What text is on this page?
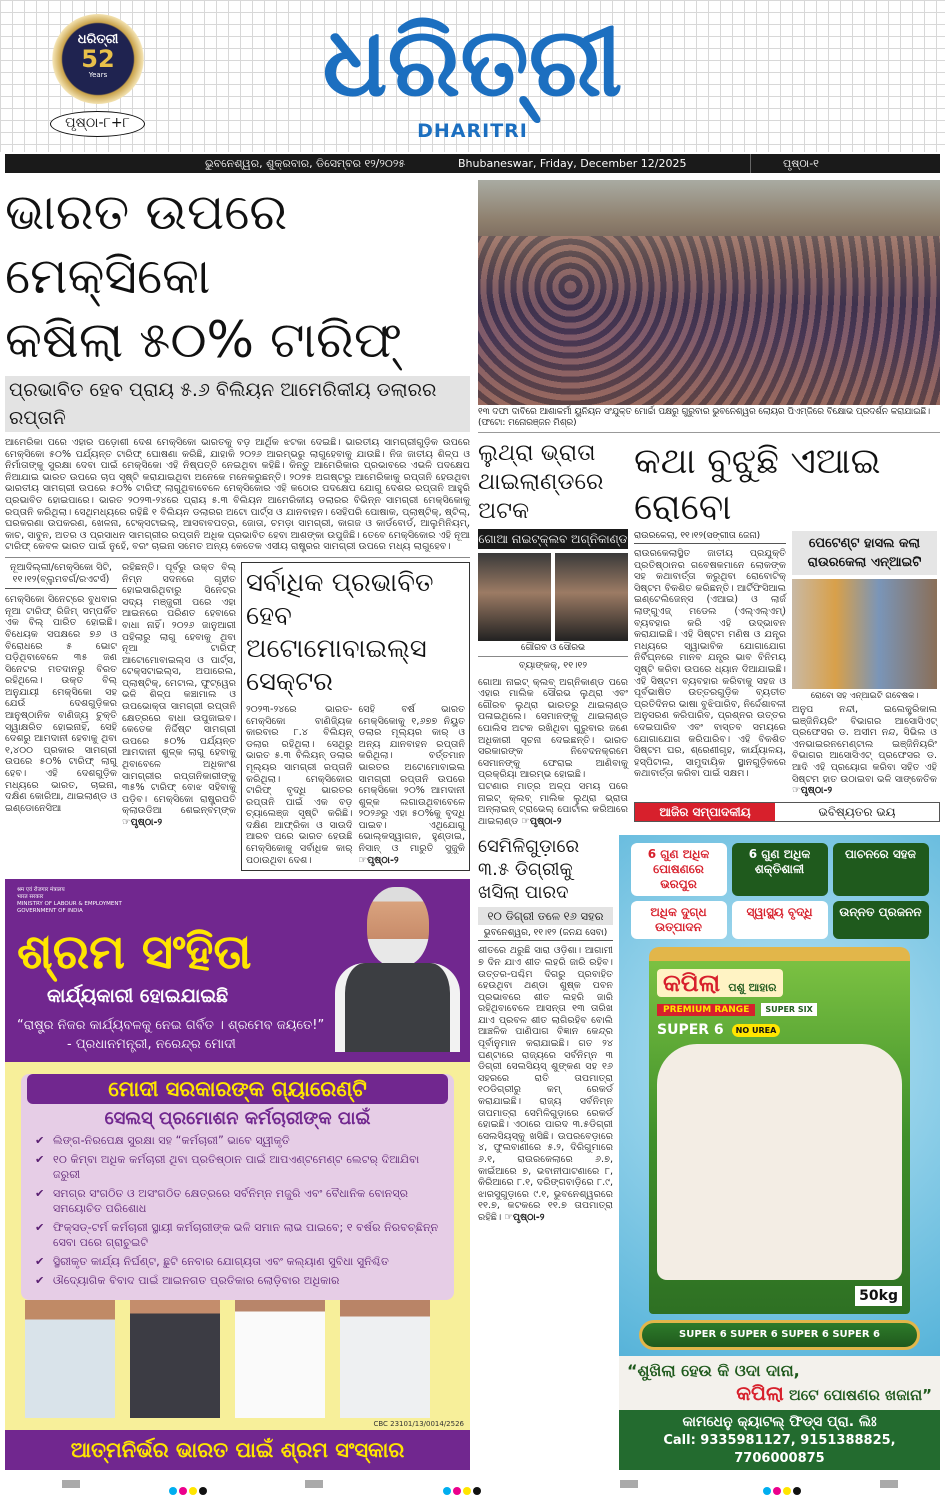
ଧରିତ୍ରୀ
52
Years
ପୃଷ୍ଠା-୮+୮
ଧରିତ୍ରୀ
DHARITRI
ଭୁବନେଶ୍ୱର, ଶୁକ୍ରବାର, ଡିସେମ୍ବର ୧୨/୨୦୨୫	Bhubaneswar, Friday, December 12/2025	ପୃଷ୍ଠା-୧
ଭାରତ ଉପରେ ମେକ୍ସିକୋ
କଷିଲା ୫୦% ଟାରିଫ୍
ପ୍ରଭାବିତ ହେବ ପ୍ରାୟ ୫.୬ ବିଲିୟନ ଆମେରିକୀୟ ଡଲାରର ରପ୍ତାନି

ଆମେରିକା ପରେ ଏହାର ପଡ଼ୋଶୀ ଦେଶ ମେକ୍ସିକୋ ଭାରତକୁ ବଡ଼ ଆର୍ଥିକ ଝଟକା ଦେଇଛି। ଭାରତୀୟ ସାମଗ୍ରୀଗୁଡ଼ିକ ଉପରେ ମେକ୍ସିକୋ ୫୦% ପର୍ଯ୍ୟନ୍ତ ଟାରିଫ୍ ଘୋଷଣା କରିଛି, ଯାହାକି ୨୦୨୬ ଆରମ୍ଭରୁ ଲାଗୁହେବାକୁ ଯାଉଛି। ନିଜ ଜାତୀୟ ଶିଳ୍ପ ଓ ନିର୍ମାତାଙ୍କୁ ସୁରକ୍ଷା ଦେବା ପାଇଁ ମେକ୍ସିକୋ ଏହି ନିଷ୍ପତ୍ତି ନେଇଥିବା କହିଛି। କିନ୍ତୁ ଆମେରିକାର ପ୍ରଭାବରେ ଏଭଳି ପଦକ୍ଷେପ ନିଆଯାଇ ଭାରତ ଉପରେ ଚାପ ସୃଷ୍ଟି କରାଯାଇଥିବା ଅନେକେ ମନେକରୁଛନ୍ତି। ୨୦୨୫ ଅଗଷ୍ଟରୁ ଆମେରିକାକୁ ରପ୍ତାନି ହେଉଥିବା ଭାରତୀୟ ସାମଗ୍ରୀ ଉପରେ ୫୦% ଟାରିଫ୍ ଲାଗୁଥିବାବେଳେ ମେକ୍ସିକୋର ଏହି କଠୋର ପଦକ୍ଷେପ ଯୋଗୁ ଦେଶର ରପ୍ତାନି ଆହୁରି ପ୍ରଭାବିତ ହୋଇପାରେ। ଭାରତ ୨୦୨୩-୨୪ରେ ପ୍ରାୟ ୫.୩ ବିଲିୟନ ଆମେରିକୀୟ ଡଲାରର ବିଭିନ୍ନ ସାମଗ୍ରୀ ମେକ୍ସିକୋକୁ ରପ୍ତାନି କରିଥିଲା। ସେଥିମଧ୍ୟରେ ରହିଛି ୧ ବିଲିୟନ ଡଲାରର ଅଟୋ ପାର୍ଟ୍ସ ଓ ଯାନବାହନ। ସେହିପରି ପୋଷାକ, ପ୍ଲାଷ୍ଟିକ୍, ଷ୍ଟିଲ୍, ଘରକରଣା ଉପକରଣ, ଖେଳନା, ଟେକ୍ସଟାଇଲ୍, ଆସବାବପତ୍ର, ଜୋତା, ଚମଡ଼ା ସାମଗ୍ରୀ, କାଗଜ ଓ କାର୍ଡବୋର୍ଡ, ଆଲୁମିନିୟମ୍, କାଚ, ସାବୁନ, ଅତର ଓ ପ୍ରସାଧନ ସାମଗ୍ରୀର ରପ୍ତାନି ଅଧିକ ପ୍ରଭାବିତ ହେବା ଆଶଙ୍କା ଉପୁଜିଛି। ତେବେ ମେକ୍ସିକୋର ଏହି ନୂଆ ଟାରିଫ୍ କେବଳ ଭାରତ ପାଇଁ ନୁହେଁ, ବରଂ ଚାଇନା ସମେତ ଅନ୍ୟ କେତେକ ଏସୀୟ ରାଷ୍ଟ୍ରର ସାମଗ୍ରୀ ଉପରେ ମଧ୍ୟ ଲାଗୁହେବ।

ନୂଆଦିଲ୍ଲୀ/ମେକ୍ସିକୋ ସିଟି, ୧୧।୧୨(ବ୍ଲୁମବର୍ଗ/ରଏଟର୍ସ)

ମେକ୍ସିକୋ ସିନେଟ୍‌ରେ ବୁଧବାର ନୂଆ ଟାରିଫ୍ ରିଜିମ୍ ସମ୍ପର୍କିତ ଏକ ବିଲ୍ ପାରିତ ହୋଇଛି। ବିଧେୟକ ସପକ୍ଷରେ ୭୬ ଓ ବିରୋଧରେ ୫ ଭୋଟ ପଡ଼ିଥିବାବେଳେ ୩୫ ଜଣ ସିନେଟର ମତଦାନରୁ ବିରତ ରହିଥିଲେ। ଉକ୍ତ ବିଲ୍ ଅନୁଯାୟୀ ମେକ୍ସିକୋ ସହ ଯେଉଁ ଦେଶଗୁଡ଼ିକର ଆନୁଷ୍ଠାନିକ ବାଣିଜ୍ୟ ଚୁକ୍ତି ସ୍ୱାକ୍ଷରିତ ହୋଇନାହିଁ, ସେହି ଦେଶରୁ ଆମଦାନୀ ହେବାକୁ ଥିବା ୧,୪୦୦ ପ୍ରକାର ସାମଗ୍ରୀ ଉପରେ ୫୦% ଟାରିଫ୍ ଲାଗୁ ହେବ। ଏହି ଦେଶଗୁଡ଼ିକ ମଧ୍ୟରେ ଭାରତ, ଚାଇନା, ଦକ୍ଷିଣ କୋରିଆ, ଥାଇଲାଣ୍ଡ ଓ ଇଣ୍ଡୋନେସିଆ

ରହିଛନ୍ତି। ପୂର୍ବରୁ ଉକ୍ତ ବିଲ୍ ନିମ୍ନ ସଦନରେ ଗୃହୀତ ହୋଇସାରିଥିବାରୁ ସିନେଟ୍‌ର ସଦ୍ୟ ମଞ୍ଜୁରୀ ପରେ ଏହା ଆଇନରେ ପରିଣତ ହେବାରେ ବାଧା ନାହିଁ। ୨୦୨୬ ଜାନୁଆରୀ ପହିଲାରୁ ଲାଗୁ ହେବାକୁ ଥିବା ନୂଆ ଟାରିଫ୍ ଆଟୋମୋବାଇଲ୍ସ ଓ ପାର୍ଟ୍ସ, ଟେକ୍ସଟାଇଲ୍ସ, ଅପାରେଲ, ପ୍ଲାଷ୍ଟିକ୍, ମେଟାଲ, ଫୁଟ୍‌ୱେର ଭଳି ଶିଳ୍ପ କଞ୍ଚାମାଲ ଓ ଉପଭୋକ୍ତା ସାମଗ୍ରୀ ରପ୍ତାନି କ୍ଷେତ୍ରରେ ବାଧା ଉପୁଜାଇବ। କେତେକ ନିର୍ଦ୍ଦିଷ୍ଟ ସାମଗ୍ରୀ ଉପରେ ୫୦% ପର୍ଯ୍ୟନ୍ତ ଆମଦାନୀ ଶୁଳ୍କ ଲାଗୁ ହେବାକୁ ଥିବାବେଳେ ଅଧିକାଂଶ ସାମଗ୍ରୀର ରପ୍ତାନିକାରୀଙ୍କୁ ୩୫% ଟାରିଫ୍ ବୋଝ ସହିବାକୁ ପଡ଼ିବ। ମେକ୍ସିକୋ ରାଷ୍ଟ୍ରପତି କ୍ଲାଉଡିଆ ଶେଇନ୍‌ବମ୍‌ଙ୍କ ☞ପୃଷ୍ଠା-୨

ସର୍ବାଧିକ ପ୍ରଭାବିତ ହେବ ଅଟୋମୋବାଇଲ୍ସ ସେକ୍ଟର
୨୦୨୩-୨୪ରେ ଭାରତ-ମେକ୍ସିକୋ ବାଣିଜ୍ୟିକ କାରବାର ୮.୪ ବିଲିୟନ୍ ଡଲାର ରହିଥିଲା। ସେଥିରୁ ଭାରତ ୫.୩ ବିଲିୟନ୍ ଡଲାର ମୂଲ୍ୟର ସାମଗ୍ରୀ ରପ୍ତାନି କରିଥିଲା। ମେକ୍ସିକୋର ଟାରିଫ୍ ବୃଦ୍ଧି ଭାରତର ରପ୍ତାନି ପାଇଁ ଏକ ବଡ଼ ଚ୍ୟାଲେଞ୍ଜ ସୃଷ୍ଟି କରିଛି। ଦକ୍ଷିଣ ଆଫ୍ରିକା ଓ ସାଉଦି ଆରବ ପରେ ଭାରତ ହେଉଛି ମେକ୍ସିକୋକୁ ସର୍ବାଧିକ କାର୍ ପଠାଉଥିବା ଦେଶ।
ସେହି ବର୍ଷ ଭାରତ ମେକ୍ସିକୋକୁ ୧,୬୭୭ ନିୟୁତ ଡଲାର ମୂଲ୍ୟର କାର୍ ଓ ଅନ୍ୟ ଯାନବାହନ ରପ୍ତାନି କରିଥିଲା। ବର୍ତ୍ତମାନ ଭାରତର ଅଟୋମୋବାଇଲ ସାମଗ୍ରୀ ରପ୍ତାନି ଉପରେ ମେକ୍ସିକୋ ୨୦% ଆମଦାନୀ ଶୁଳ୍କ ଲଗାଉଥିବାବେଳେ ୨୦୨୬ରୁ ଏହା ୫୦%କୁ ବୃଦ୍ଧି ପାଇବ। ଏଥିଯୋଗୁ ଭୋଲ୍‌କସ୍‌ୱାଗନ, ହୁଣ୍ଡାଇ, ନିସାନ୍ ଓ ମାରୁତି ସୁଜୁକି ☞ପୃଷ୍ଠା-୨
श्रम एवं रोजगार मंत्रालय
भारत सरकार
MINISTRY OF LABOUR & EMPLOYMENT
GOVERNMENT OF INDIA
ଶ୍ରମ ସଂହିତା
କାର୍ଯ୍ୟକାରୀ ହୋଇଯାଇଛି
“ରାଷ୍ଟ୍ର ନିଜର କାର୍ଯ୍ୟବଳକୁ ନେଇ ଗର୍ବିତ । ଶ୍ରମେବ ଜୟତେ!”
- ପ୍ରଧାନମନ୍ତ୍ରୀ, ନରେନ୍ଦ୍ର ମୋଦୀ
ମୋଦୀ ସରକାରଙ୍କ ଗ୍ୟାରେଣ୍ଟି
ସେଲସ୍ ପ୍ରମୋଶନ କର୍ମଚାରୀଙ୍କ ପାଇଁ
✔ ଲିଙ୍ଗ-ନିରପେକ୍ଷ ସୁରକ୍ଷା ସହ “କର୍ମଚାରୀ” ଭାବେ ସ୍ୱୀକୃତି
✔ ୧୦ କିମ୍ବା ଅଧିକ କର୍ମଚାରୀ ଥିବା ପ୍ରତିଷ୍ଠାନ ପାଇଁ ଆପଏଣ୍ଟମେଣ୍ଟ ଲେଟର୍ ଦିଆଯିବା ଜରୁରୀ
✔ ସମଗ୍ର ସଂଗଠିତ ଓ ଅସଂଗଠିତ କ୍ଷେତ୍ରରେ ସର୍ବନିମ୍ନ ମଜୁରି ଏବଂ ବୈଧାନିକ ବୋନସ୍‌ର ସମୟୋଚିତ ପରିଶୋଧ
✔ ଫିକ୍ସଡ୍-ଟର୍ମ କର୍ମଚାରୀ ସ୍ଥାୟୀ କର୍ମଚାରୀଙ୍କ ଭଳି ସମାନ ଲାଭ ପାଇବେ; ୧ ବର୍ଷର ନିରବଚ୍ଛିନ୍ନ ସେବା ପରେ ଗ୍ରାଚୁଇଟି
✔ ସ୍ଥିରୀକୃତ କାର୍ଯ୍ୟ ନିର୍ଘଣ୍ଟ, ଛୁଟି ନେବାର ଯୋଗ୍ୟତା ଏବଂ କଲ୍ୟାଣ ସୁବିଧା ସୁନିଶ୍ଚିତ
✔ ଔଦ୍ୟୋଗିକ ବିବାଦ ପାଇଁ ଆଇନଗତ ପ୍ରତିକାର ଲୋଡ଼ିବାର ଅଧିକାର
CBC 23101/13/0014/2526
ଆତ୍ମନିର୍ଭର ଭାରତ ପାଇଁ ଶ୍ରମ ସଂସ୍କାର
୧୩ ଦଫା ଦାବିରେ ଆଶାକର୍ମୀ ୟୁନିୟନ ସଂଯୁକ୍ତ ମୋର୍ଚ୍ଚା ପକ୍ଷରୁ ଗୁରୁବାର ଭୁବନେଶ୍ୱର ଲୋୟର ପିଏମ୍‌ଜିରେ ବିକ୍ଷୋଭ ପ୍ରଦର୍ଶନ କରାଯାଇଛି। (ଫଟୋ: ମନୋରଞ୍ଜନ ମିଶ୍ର)
ଲୁଥ୍ରା ଭ୍ରାତା ଥାଇଲାଣ୍ଡରେ ଅଟକ
ଗୋଆ ନାଇଟ୍‌କ୍ଲବ ଅଗ୍ନିକାଣ୍ଡ
ଗୌରବ ଓ ସୌରଭ
ବ୍ୟାଙ୍କକ୍, ୧୧।୧୨

ଗୋଆ ନାଇଟ୍ କ୍ଲବ୍ ଅଗ୍ନିକାଣ୍ଡ ପରେ ଏହାର ମାଲିକ ସୌରଭ ଲୁଥ୍ରା ଏବଂ ଗୌରବ ଲୁଥ୍ରା ଭାରତରୁ ଥାଇଲାଣ୍ଡ ପଳାଇଥିଲେ। ସେମାନଙ୍କୁ ଥାଇଲାଣ୍ଡ ପୋଲିସ ଅଟକ ରଖିଥିବା ଗୁରୁବାର ଜଣେ ଅଧିକାରୀ ସୂଚନା ଦେଇଛନ୍ତି। ଭାରତ ସରକାରଙ୍କ ନିବେଦନକ୍ରମେ ସେମାନଙ୍କୁ ଫେରାଇ ଆଣିବାକୁ ପ୍ରକ୍ରିୟା ଆରମ୍ଭ ହୋଇଛି।

ଘଟଣାର ମାତ୍ର ଅଳ୍ପ ସମୟ ପରେ ନାଇଟ୍ କ୍ଲବ୍ ମାଲିକ ଲୁଥ୍ରା ଭ୍ରାତା ଅନ୍‌ଲାଇନ୍ ଟ୍ରାଭେଲ୍ ପୋର୍ଟାଲ କରିଆରେ ଥାଇଲାଣ୍ଡ ☞ପୃଷ୍ଠା-୨

କଥା ବୁଝୁଛି ଏଆଇ ରୋବୋ
ରାଉରକେଲା, ୧୧।୧୨(ସଙ୍ଗୀତା ଜେନା)

ରାଉରକେଲାସ୍ଥିତ ଜାତୀୟ ପ୍ରଯୁକ୍ତି ପ୍ରତିଷ୍ଠାନର ଗବେଷକମାନେ ଲୋକଙ୍କ ସହ କଥାବାର୍ତ୍ତା କରୁଥିବା ରୋବୋଟିକ୍ ସିଷ୍ଟମ ବିକଶିତ କରିଛନ୍ତି। ଆର୍ଟିଫିସିଆଲ ଇଣ୍ଟେଲିଜେନ୍ସ (ଏଆଇ) ଓ ଲାର୍ଜ ଲାଙ୍ଗୁଏଜ୍ ମଡେଲ (ଏଲ୍‌ଏଲ୍‌ଏମ୍) ବ୍ୟବହାର କରି ଏହି ଉଦ୍ଭାବନ କରାଯାଇଛି। ଏହି ସିଷ୍ଟମ ମଣିଷ ଓ ଯନ୍ତ୍ର ମଧ୍ୟରେ ସ୍ୱାଭାବିକ ଯୋଗାଯୋଗ ନିର୍ବିଘ୍ନରେ ମାନବ ଯନ୍ତ୍ର ଭାବ ବିନିମୟ ସୃଷ୍ଟି କରିବା ଉପରେ ଧ୍ୟାନ ଦିଆଯାଇଛି। ଏହି ସିଷ୍ଟମ ବ୍ୟବହାର କରିବାକୁ ସହଜ ଓ ପୂର୍ବଭାଷିତ ଉତ୍ତରଗୁଡ଼ିକ ବ୍ୟତୀତ ପ୍ରତିଦିନର ଭାଷା ବୁଝିପାରିବ, ନିର୍ଦ୍ଦେଶାବଳୀ ଅନୁସରଣ କରିପାରିବ, ପ୍ରଶ୍ନର ଉତ୍ତର ଦେଇପାରିବ ଏବଂ ବାସ୍ତବ ସମୟରେ ଯୋଗାଯୋଗ କରିପାରିବ। ଏହି ବିକଶିତ ସିଷ୍ଟମ ଘର, ଶ୍ରେଣୀଗୃହ, କାର୍ଯ୍ୟାଳୟ, ହସ୍ପିଟାଲ, ସାମୁଦାୟିକ ସ୍ଥାନଗୁଡ଼ିକରେ କଥାବାର୍ତ୍ତା କରିବା ପାଇଁ ସକ୍ଷମ।

ପେଟେଣ୍ଟ ହାସଲ କଲା ରାଉରକେଲା ଏନ୍‌ଆଇଟି
ରୋବୋ ସହ ଏନ୍‌ଆଇଟି ଗବେଷକ।
ଅନୁପ ନନ୍ଦୀ, ଇଲେକ୍ଟ୍ରିକାଲ ଇଞ୍ଜିନିୟରିଂ ବିଭାଗର ଆସୋସିଏଟ୍ ପ୍ରଫେସର ଡ. ଅସୀମ ନନ୍ଦ, ସିଭିଲ ଓ ଏନଭାଇରନମେଣ୍ଟାଲ ଇଞ୍ଜିନିୟରିଂ ବିଭାଗର ଆସୋସିଏଟ୍ ପ୍ରଫେସର ଡ. ଆଦି ଏହି ପ୍ରୟୋଗ କରିବା ସହିତ ଏହି ସିଷ୍ଟମ ହାତ ଉଠାଇବା ଭଳି ସାଙ୍କେତିକ ☞ପୃଷ୍ଠା-୨
ଆଜିର ସମ୍ପାଦକୀୟ	ଭବିଷ୍ୟତର ଭୟ
ସେମିଳିଗୁଡ଼ାରେ ୩.୫ ଡିଗ୍ରୀକୁ ଖସିଲା ପାରଦ
୧୦ ଡିଗ୍ରୀ ତଳେ ୧୬ ସହର
ଭୁବନେଶ୍ୱର, ୧୧।୧୨ (ଜନଯ ସେବା)
ଶୀତରେ ଥରୁଛି ସାରା ଓଡ଼ିଶା। ଆଗାମୀ ୭ ଦିନ ଯାଏ ଶୀତ ଲହରି ଜାରି ରହିବ। ଉତ୍ତର-ପଶ୍ଚିମ ଦିଗରୁ ପ୍ରବାହିତ ହେଉଥିବା ଥଣ୍ଡା ଶୁଷ୍କ ପବନ ପ୍ରଭାବରେ ଶୀତ ଲହରି ଜାରି ରହିଥିବାବେଳେ ଆସନ୍ତା ୧୩ ତାରିଖ ଯାଏ ପ୍ରବଳ ଶୀତ ଲାଗିରହିବ ବୋଲି ଆଞ୍ଚଳିକ ପାଣିପାଗ ବିଜ୍ଞାନ କେନ୍ଦ୍ର ପୂର୍ବାନୁମାନ କରାଯାଇଛି। ଗତ ୨୪ ଘଣ୍ଟାରେ ରାଜ୍ୟରେ ସର୍ବନିମ୍ନ ୩ ଡିଗ୍ରୀ ସେଲସିୟସ୍ ଶୁଙ୍କଣ ସହ ୧୬ ସହରରେ ରାତି ତାପମାତ୍ରା ୧୦ଡିଗ୍ରୀରୁ କମ୍ ରେକର୍ଡ କରାଯାଇଛି। ରାଜ୍ୟ ସର୍ବନିମ୍ନ ତାପମାତ୍ରା ସେମିଳିଗୁଡ଼ାରେ ରେକର୍ଡ ହୋଇଛି। ଏଠାରେ ପାରଦ ୩.୫ଡିଗ୍ରୀ ସେଲସିୟସ୍‌କୁ ଖସିଛି। ଉପରବେଡ଼ାରେ ୪, ଫୁଲବାଣୀରେ ୫.୨, ଦିରିଗୁମାରେ ୬.୧, ରାଉରକେଲାରେ ୬.୭, କାଇଁଆରେ ୭, ଭବାନୀପାଟଣାରେ ୮, କିରିଆରେ ୮.୧, ଦରିଙ୍ଗବାଡ଼ିରେ ୮.୯, ଝାରସୁଗୁଡ଼ାରେ ୯.୧, ଭୁବନେଶ୍ୱରରେ ୧୧.୭, କଟକରେ ୧୧.୭ ତାପମାତ୍ରା ରହିଛି। ☞ପୃଷ୍ଠା-୨
6 ଗୁଣ ଅଧିକ ପୋଷଣରେ ଭରପୁର
6 ଗୁଣ ଅଧିକ ଶକ୍ତିଶାଳୀ
ପାଚନରେ ସହଜ
ଅଧିକ ଦୁଗ୍ଧ ଉତ୍ପାଦନ
ସ୍ୱାସ୍ଥ୍ୟ ବୃଦ୍ଧି	ଉନ୍ନତ ପ୍ରଜନନ
କପିଲା ପଶୁ ଆହାର
PREMIUM RANGE	SUPER SIX
SUPER 6	NO UREA
50kg
SUPER 6 SUPER 6 SUPER 6 SUPER 6
“ଶୁଖିଲା ହେଉ କି ଓଦା ଦାନା,
କପିଲା ଅଟେ ପୋଷଣର ଖଜାନା”
କାମଧେନୁ କ୍ୟାଟଲ୍ ଫିଡ୍‌ସ ପ୍ରା. ଲିଃ
Call: 9335981127, 9151388825, 7706000875
